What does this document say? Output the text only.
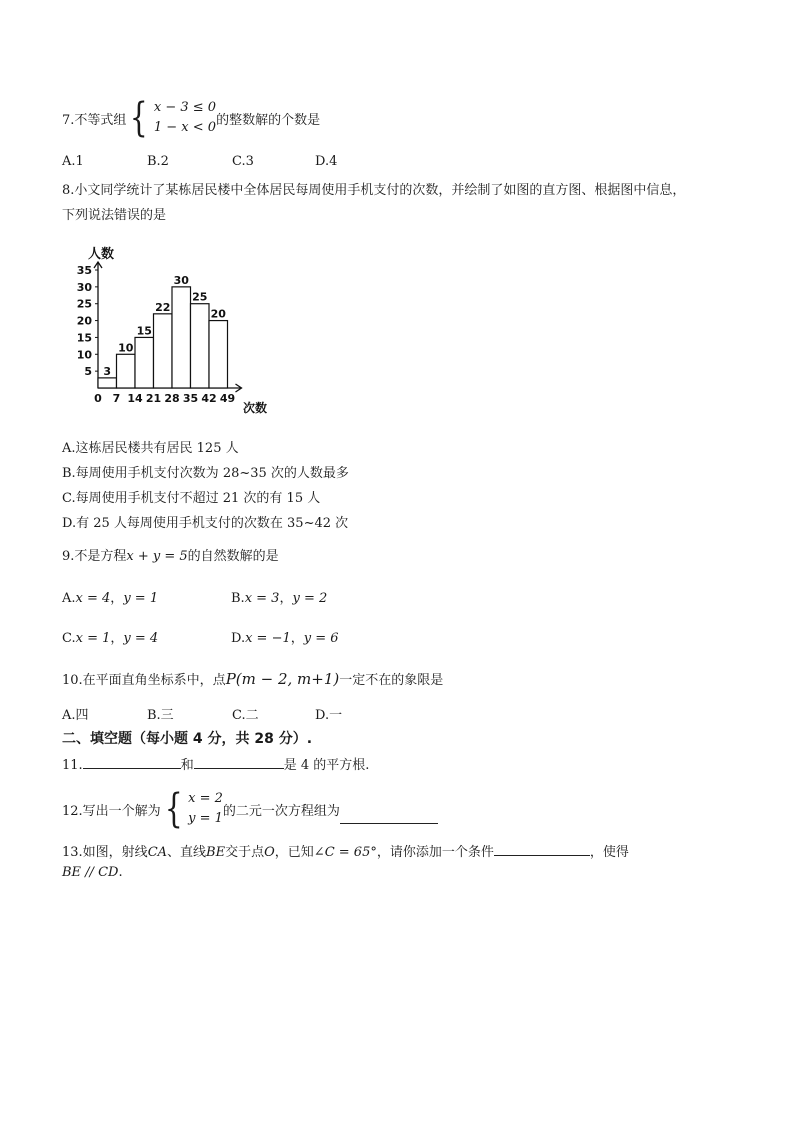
7.不等式组 { x − 3 ≤ 0
1 − x < 0 的整数解的个数是
A.1	B.2	C.3	D.4
8.小文同学统计了某栋居民楼中全体居民每周使用手机支付的次数，并绘制了如图的直方图、根据图中信息，
下列说法错误的是
3
10
15
22
30
25
20
5
10
15
20
25
30
35
0 7 14 21 28 35 42 49
人数
次数
A.这栋居民楼共有居民 125 人
B.每周使用手机支付次数为 28~35 次的人数最多
C.每周使用手机支付不超过 21 次的有 15 人
D.有 25 人每周使用手机支付的次数在 35~42 次
9.不是方程x + y = 5的自然数解的是
A.x = 4，y = 1	B.x = 3，y = 2
C.x = 1，y = 4	D.x = −1，y = 6
10.在平面直角坐标系中，点P(m − 2, m+1)一定不在的象限是
A.四	B.三	C.二	D.一
二、填空题（每小题 4 分，共 28 分）.
11.	和	是 4 的平方根.
12.写出一个解为 { x = 2
y = 1 的二元一次方程组为
13.如图，射线CA、直线BE交于点O，已知∠C = 65°，请你添加一个条件	，使得
BE // CD.
